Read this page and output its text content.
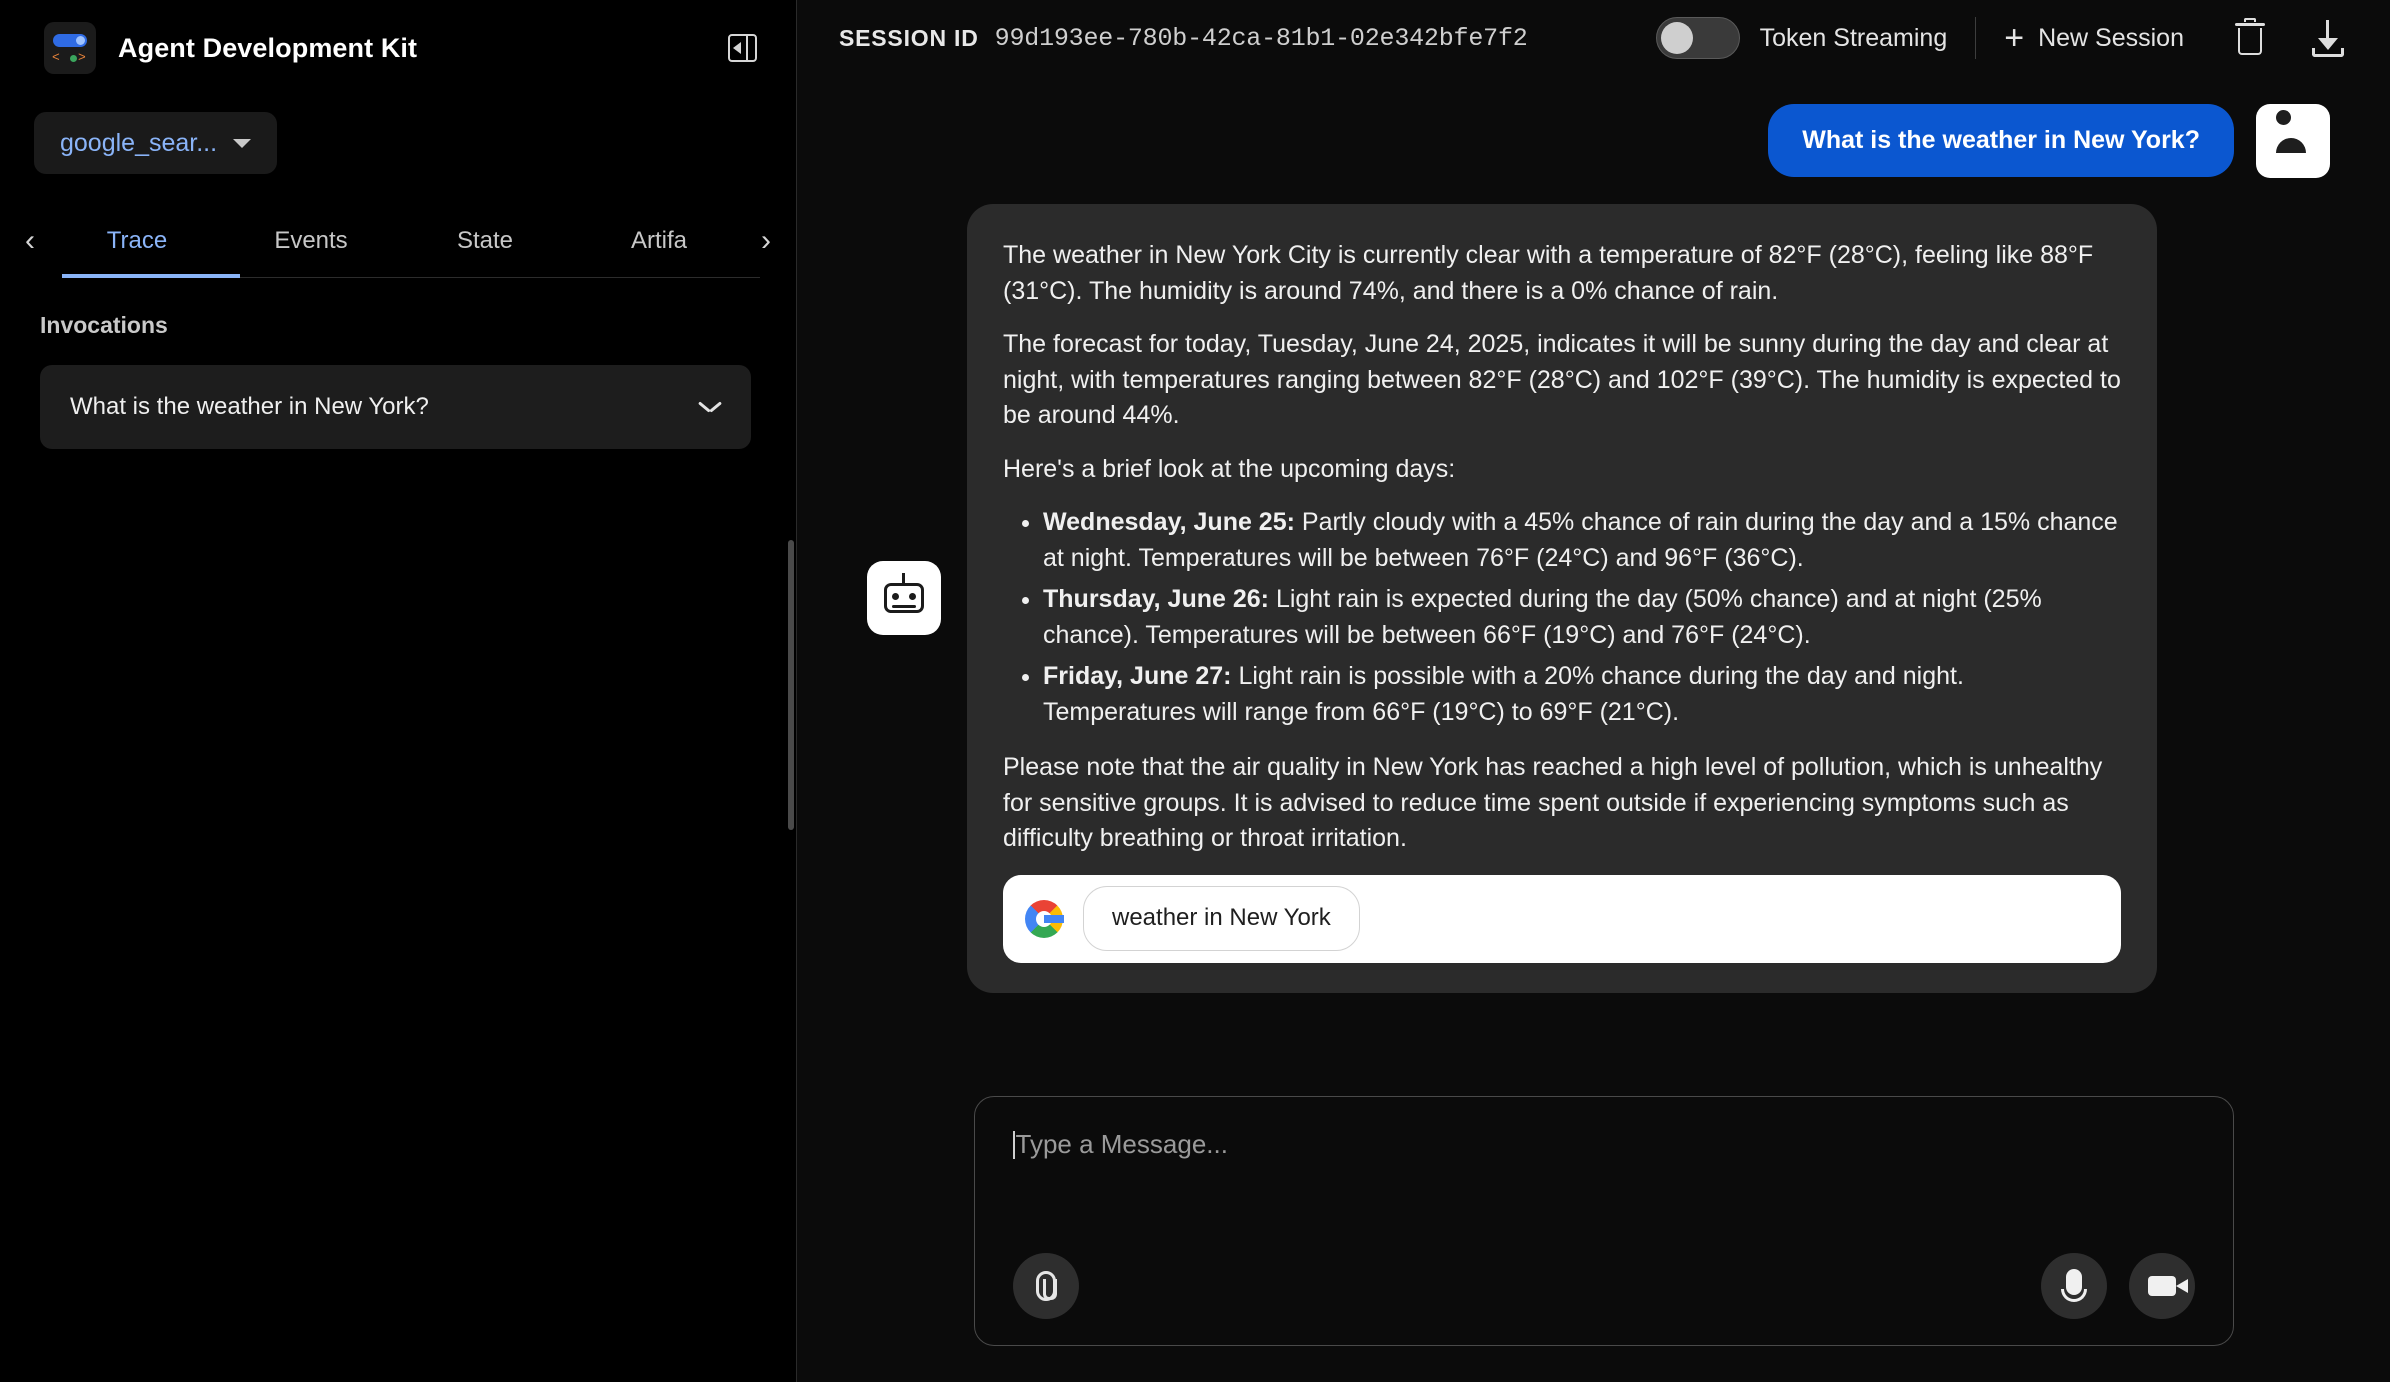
< > Agent Development Kit
google_sear...
‹	Trace	Events	State	Artifa	›
Invocations
What is the weather in New York?
SESSION ID 99d193ee-780b-42ca-81b1-02e342bfe7f2	Token Streaming + New Session
What is the weather in New York?

The weather in New York City is currently clear with a temperature of 82°F (28°C), feeling like 88°F (31°C). The humidity is around 74%, and there is a 0% chance of rain.

The forecast for today, Tuesday, June 24, 2025, indicates it will be sunny during the day and clear at night, with temperatures ranging between 82°F (28°C) and 102°F (39°C). The humidity is expected to be around 44%.

Here's a brief look at the upcoming days:

• Wednesday, June 25: Partly cloudy with a 45% chance of rain during the day and a 15% chance at night. Temperatures will be between 76°F (24°C) and 96°F (36°C).
• Thursday, June 26: Light rain is expected during the day (50% chance) and at night (25% chance). Temperatures will be between 66°F (19°C) and 76°F (24°C).
• Friday, June 27: Light rain is possible with a 20% chance during the day and night. Temperatures will range from 66°F (19°C) to 69°F (21°C).

Please note that the air quality in New York has reached a high level of pollution, which is unhealthy for sensitive groups. It is advised to reduce time spent outside if experiencing symptoms such as difficulty breathing or throat irritation.

weather in New York
Type a Message...
